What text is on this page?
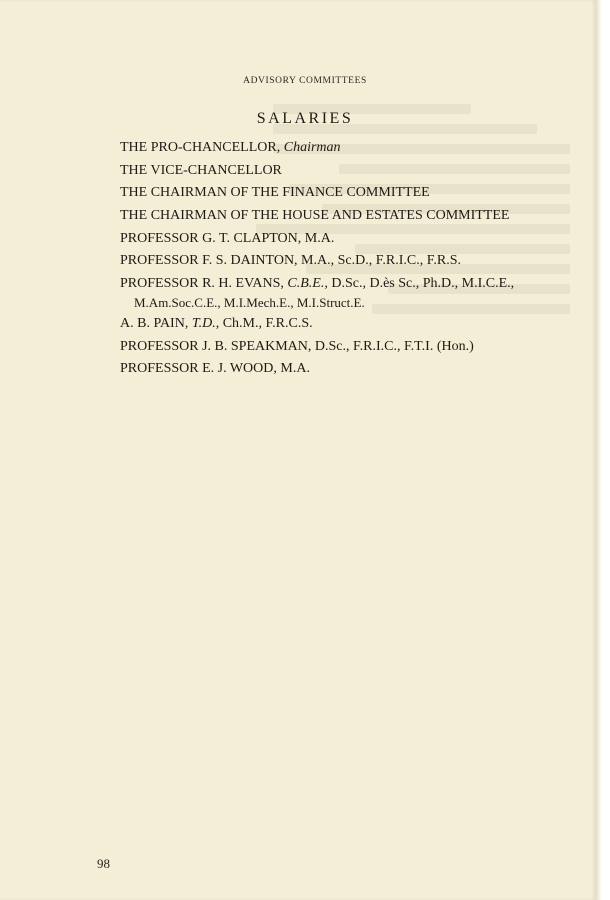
ADVISORY COMMITTEES
SALARIES
THE PRO-CHANCELLOR, Chairman
THE VICE-CHANCELLOR
THE CHAIRMAN OF THE FINANCE COMMITTEE
THE CHAIRMAN OF THE HOUSE AND ESTATES COMMITTEE
PROFESSOR G. T. CLAPTON, M.A.
PROFESSOR F. S. DAINTON, M.A., Sc.D., F.R.I.C., F.R.S.
PROFESSOR R. H. EVANS, C.B.E., D.Sc., D.ès Sc., Ph.D., M.I.C.E.,
M.Am.Soc.C.E., M.I.Mech.E., M.I.Struct.E.
A. B. PAIN, T.D., Ch.M., F.R.C.S.
PROFESSOR J. B. SPEAKMAN, D.Sc., F.R.I.C., F.T.I. (Hon.)
PROFESSOR E. J. WOOD, M.A.
98
